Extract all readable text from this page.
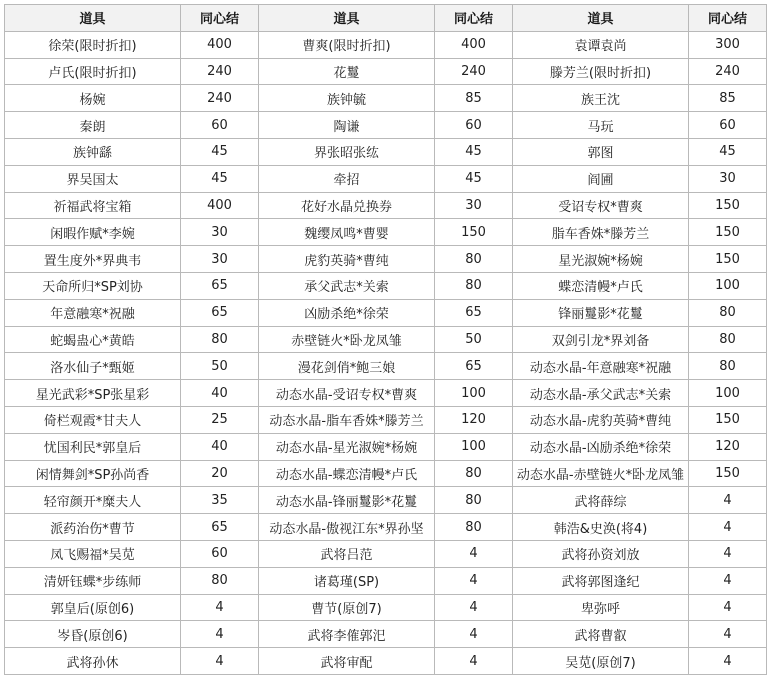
道具	同心结	道具	同心结	道具	同心结
徐荣(限时折扣)	400	曹爽(限时折扣)	400	袁谭袁尚	300
卢氏(限时折扣)	240	花鬘	240	滕芳兰(限时折扣)	240
杨婉	240	族钟毓	85	族王沈	85
秦朗	60	陶谦	60	马玩	60
族钟繇	45	界张昭张纮	45	郭图	45
界吴国太	45	牵招	45	阎圃	30
祈福武将宝箱	400	花好水晶兑换券	30	受诏专权*曹爽	150
闲暇作赋*李婉	30	魏缨凤鸣*曹婴	150	脂车香姝*滕芳兰	150
置生度外*界典韦	30	虎豹英骑*曹纯	80	星光淑婉*杨婉	150
天命所归*SP刘协	65	承父武志*关索	80	蝶恋清幔*卢氏	100
年意融寒*祝融	65	凶励杀绝*徐荣	65	锋丽鬘影*花鬘	80
蛇蝎蛊心*黄皓	80	赤壁链火*卧龙凤雏	50	双剑引龙*界刘备	80
洛水仙子*甄姬	50	漫花剑俏*鲍三娘	65	动态水晶-年意融寒*祝融	80
星光武彩*SP张星彩	40	动态水晶-受诏专权*曹爽	100	动态水晶-承父武志*关索	100
倚栏观霞*甘夫人	25	动态水晶-脂车香姝*滕芳兰	120	动态水晶-虎豹英骑*曹纯	150
忧国利民*郭皇后	40	动态水晶-星光淑婉*杨婉	100	动态水晶-凶励杀绝*徐荣	120
闲情舞剑*SP孙尚香	20	动态水晶-蝶恋清幔*卢氏	80	动态水晶-赤壁链火*卧龙凤雏	150
轻帘颜开*糜夫人	35	动态水晶-锋丽鬘影*花鬘	80	武将薛综	4
派药治伤*曹节	65	动态水晶-傲视江东*界孙坚	80	韩浩&史涣(将4)	4
凤飞赐福*吴苋	60	武将吕范	4	武将孙资刘放	4
清妍钰蝶*步练师	80	诸葛瑾(SP)	4	武将郭图逢纪	4
郭皇后(原创6)	4	曹节(原创7)	4	卑弥呼	4
岑昏(原创6)	4	武将李傕郭汜	4	武将曹叡	4
武将孙休	4	武将审配	4	吴苋(原创7)	4
